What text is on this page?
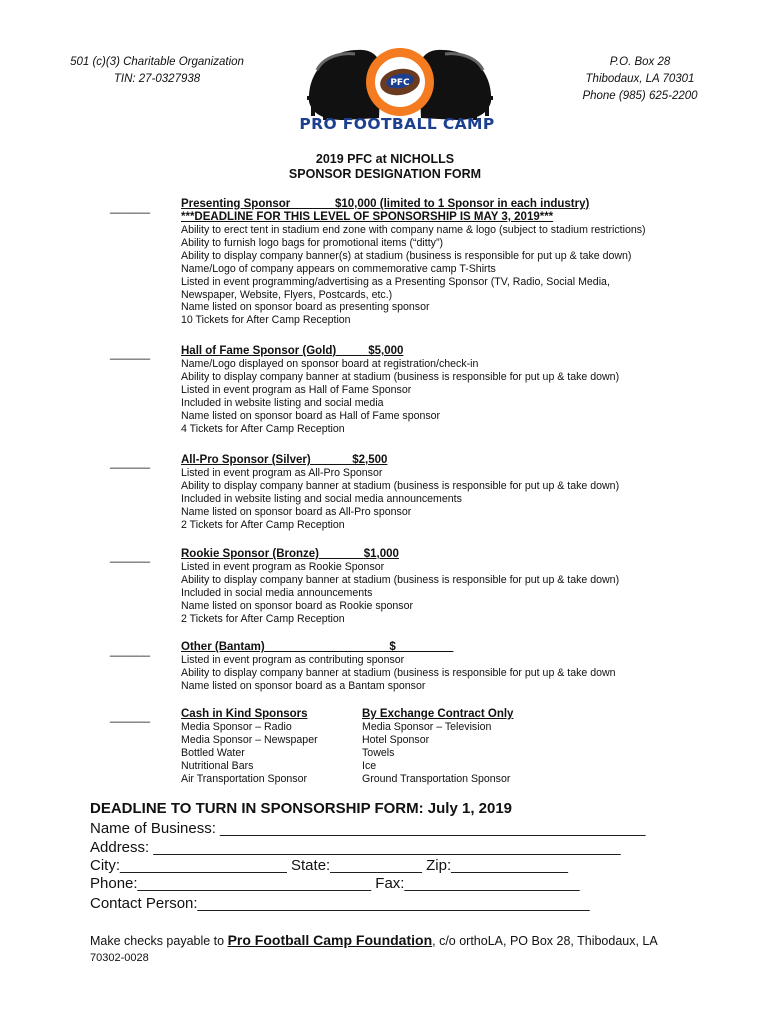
501 (c)(3) Charitable Organization
TIN: 27-0327938
P.O. Box 28
Thibodaux, LA 70301
Phone (985) 625-2200
PFC
PRO FOOTBALL CAMP
2019 PFC at NICHOLLS
SPONSOR DESIGNATION FORM
______	Presenting Sponsor              $10,000 (limited to 1 Sponsor in each industry)
***DEADLINE FOR THIS LEVEL OF SPONSORSHIP IS MAY 3, 2019***
Ability to erect tent in stadium end zone with company name & logo (subject to stadium restrictions)
Ability to furnish logo bags for promotional items (“ditty”)
Ability to display company banner(s) at stadium (business is responsible for put up & take down)
Name/Logo of company appears on commemorative camp T-Shirts
Listed in event programming/advertising as a Presenting Sponsor (TV, Radio, Social Media,
Newspaper, Website, Flyers, Postcards, etc.)
Name listed on sponsor board as presenting sponsor
10 Tickets for After Camp Reception
______	Hall of Fame Sponsor (Gold)          $5,000
Name/Logo displayed on sponsor board at registration/check-in
Ability to display company banner at stadium (business is responsible for put up & take down)
Listed in event program as Hall of Fame Sponsor
Included in website listing and social media
Name listed on sponsor board as Hall of Fame sponsor
4 Tickets for After Camp Reception
______	All-Pro Sponsor (Silver)             $2,500
Listed in event program as All-Pro Sponsor
Ability to display company banner at stadium (business is responsible for put up & take down)
Included in website listing and social media announcements
Name listed on sponsor board as All-Pro sponsor
2 Tickets for After Camp Reception
______	Rookie Sponsor (Bronze)              $1,000
Listed in event program as Rookie Sponsor
Ability to display company banner at stadium (business is responsible for put up & take down)
Included in social media announcements
Name listed on sponsor board as Rookie sponsor
2 Tickets for After Camp Reception
______	Other (Bantam) ___________________$_________
Listed in event program as contributing sponsor
Ability to display company banner at stadium (business is responsible for put up & take down
Name listed on sponsor board as a Bantam sponsor
______	Cash in Kind Sponsors
Media Sponsor – Radio
Media Sponsor – Newspaper
Bottled Water
Nutritional Bars
Air Transportation Sponsor
By Exchange Contract Only
Media Sponsor – Television
Hotel Sponsor
Towels
Ice
Ground Transportation Sponsor
DEADLINE TO TURN IN SPONSORSHIP FORM: July 1, 2019
Name of Business: ___________________________________________________
Address: ________________________________________________________
City:____________________ State:___________ Zip:______________
Phone:____________________________ Fax:_____________________
Contact Person:_______________________________________________
Make checks payable to Pro Football Camp Foundation, c/o orthoLA, PO Box 28, Thibodaux, LA
70302-0028
